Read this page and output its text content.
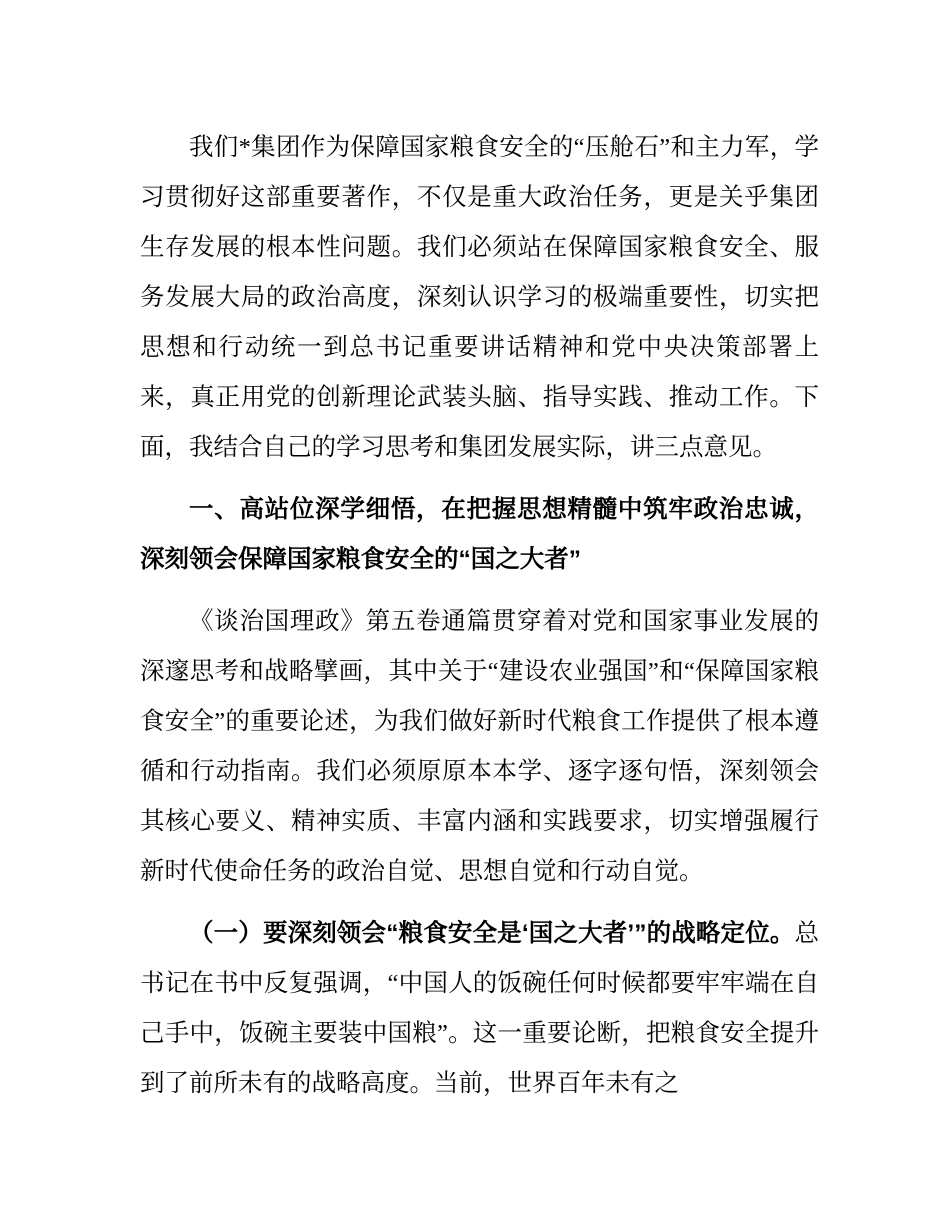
我们*集团作为保障国家粮食安全的“压舱石”和主力军，学习贯彻好这部重要著作，不仅是重大政治任务，更是关乎集团生存发展的根本性问题。我们必须站在保障国家粮食安全、服务发展大局的政治高度，深刻认识学习的极端重要性，切实把思想和行动统一到总书记重要讲话精神和党中央决策部署上来，真正用党的创新理论武装头脑、指导实践、推动工作。下面，我结合自己的学习思考和集团发展实际，讲三点意见。

一、高站位深学细悟，在把握思想精髓中筑牢政治忠诚，深刻领会保障国家粮食安全的“国之大者”

《谈治国理政》第五卷通篇贯穿着对党和国家事业发展的深邃思考和战略擘画，其中关于“建设农业强国”和“保障国家粮食安全”的重要论述，为我们做好新时代粮食工作提供了根本遵循和行动指南。我们必须原原本本学、逐字逐句悟，深刻领会其核心要义、精神实质、丰富内涵和实践要求，切实增强履行新时代使命任务的政治自觉、思想自觉和行动自觉。

（一）要深刻领会“粮食安全是‘国之大者’”的战略定位。总书记在书中反复强调，“中国人的饭碗任何时候都要牢牢端在自己手中，饭碗主要装中国粮”。这一重要论断，把粮食安全提升到了前所未有的战略高度。当前，世界百年未有之
